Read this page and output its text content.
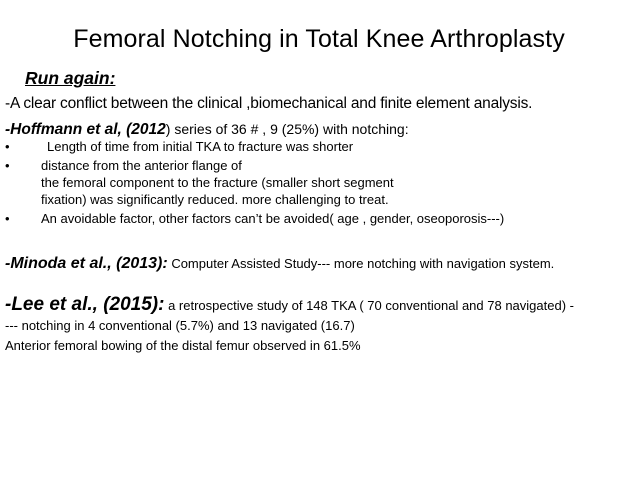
Femoral Notching in Total Knee Arthroplasty
Run again:
-A clear conflict between the clinical ,biomechanical and finite element analysis.
-Hoffmann et al, (2012) series of 36 # , 9 (25%) with notching:
•	Length of time from initial TKA to fracture was shorter
• distance from the anterior flange of
the femoral component to the fracture (smaller short segment
fixation) was significantly reduced. more challenging to treat.
• An avoidable factor, other factors can’t be avoided( age , gender, oseoporosis---)
-Minoda et al., (2013): Computer Assisted Study--- more notching with navigation system.
-Lee et al., (2015): a retrospective study of 148 TKA ( 70 conventional and 78 navigated) -
--- notching in 4 conventional (5.7%) and 13 navigated (16.7)
Anterior femoral bowing of the distal femur observed in 61.5%
